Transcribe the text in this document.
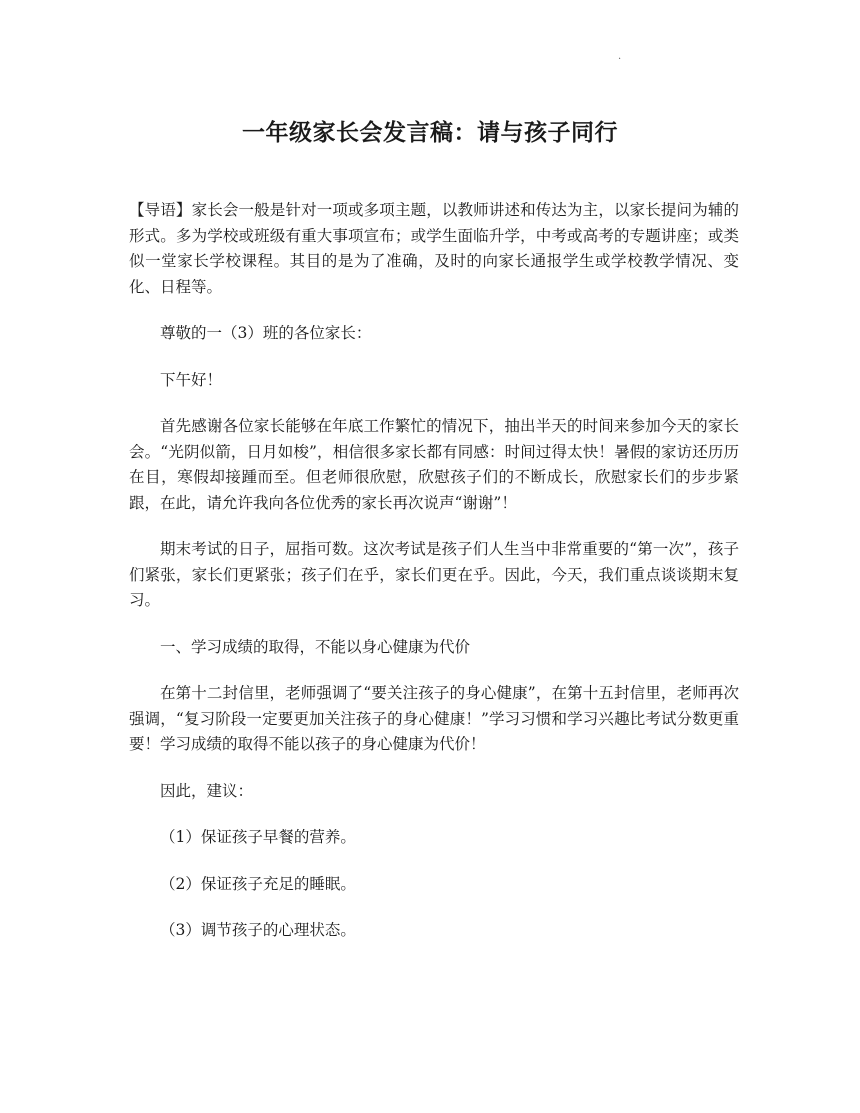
.
一年级家长会发言稿：请与孩子同行

【导语】家长会一般是针对一项或多项主题，以教师讲述和传达为主，以家长提问为辅的形式。多为学校或班级有重大事项宣布；或学生面临升学，中考或高考的专题讲座；或类似一堂家长学校课程。其目的是为了准确，及时的向家长通报学生或学校教学情况、变化、日程等。

尊敬的一（3）班的各位家长：

下午好！

首先感谢各位家长能够在年底工作繁忙的情况下，抽出半天的时间来参加今天的家长会。“光阴似箭，日月如梭”，相信很多家长都有同感：时间过得太快！暑假的家访还历历在目，寒假却接踵而至。但老师很欣慰，欣慰孩子们的不断成长，欣慰家长们的步步紧跟，在此，请允许我向各位优秀的家长再次说声“谢谢”！

期末考试的日子，屈指可数。这次考试是孩子们人生当中非常重要的“第一次”，孩子们紧张，家长们更紧张；孩子们在乎，家长们更在乎。因此，今天，我们重点谈谈期末复习。

一、学习成绩的取得，不能以身心健康为代价

在第十二封信里，老师强调了“要关注孩子的身心健康”，在第十五封信里，老师再次强调，“复习阶段一定要更加关注孩子的身心健康！”学习习惯和学习兴趣比考试分数更重要！学习成绩的取得不能以孩子的身心健康为代价！

因此，建议：

（1）保证孩子早餐的营养。

（2）保证孩子充足的睡眠。

（3）调节孩子的心理状态。
